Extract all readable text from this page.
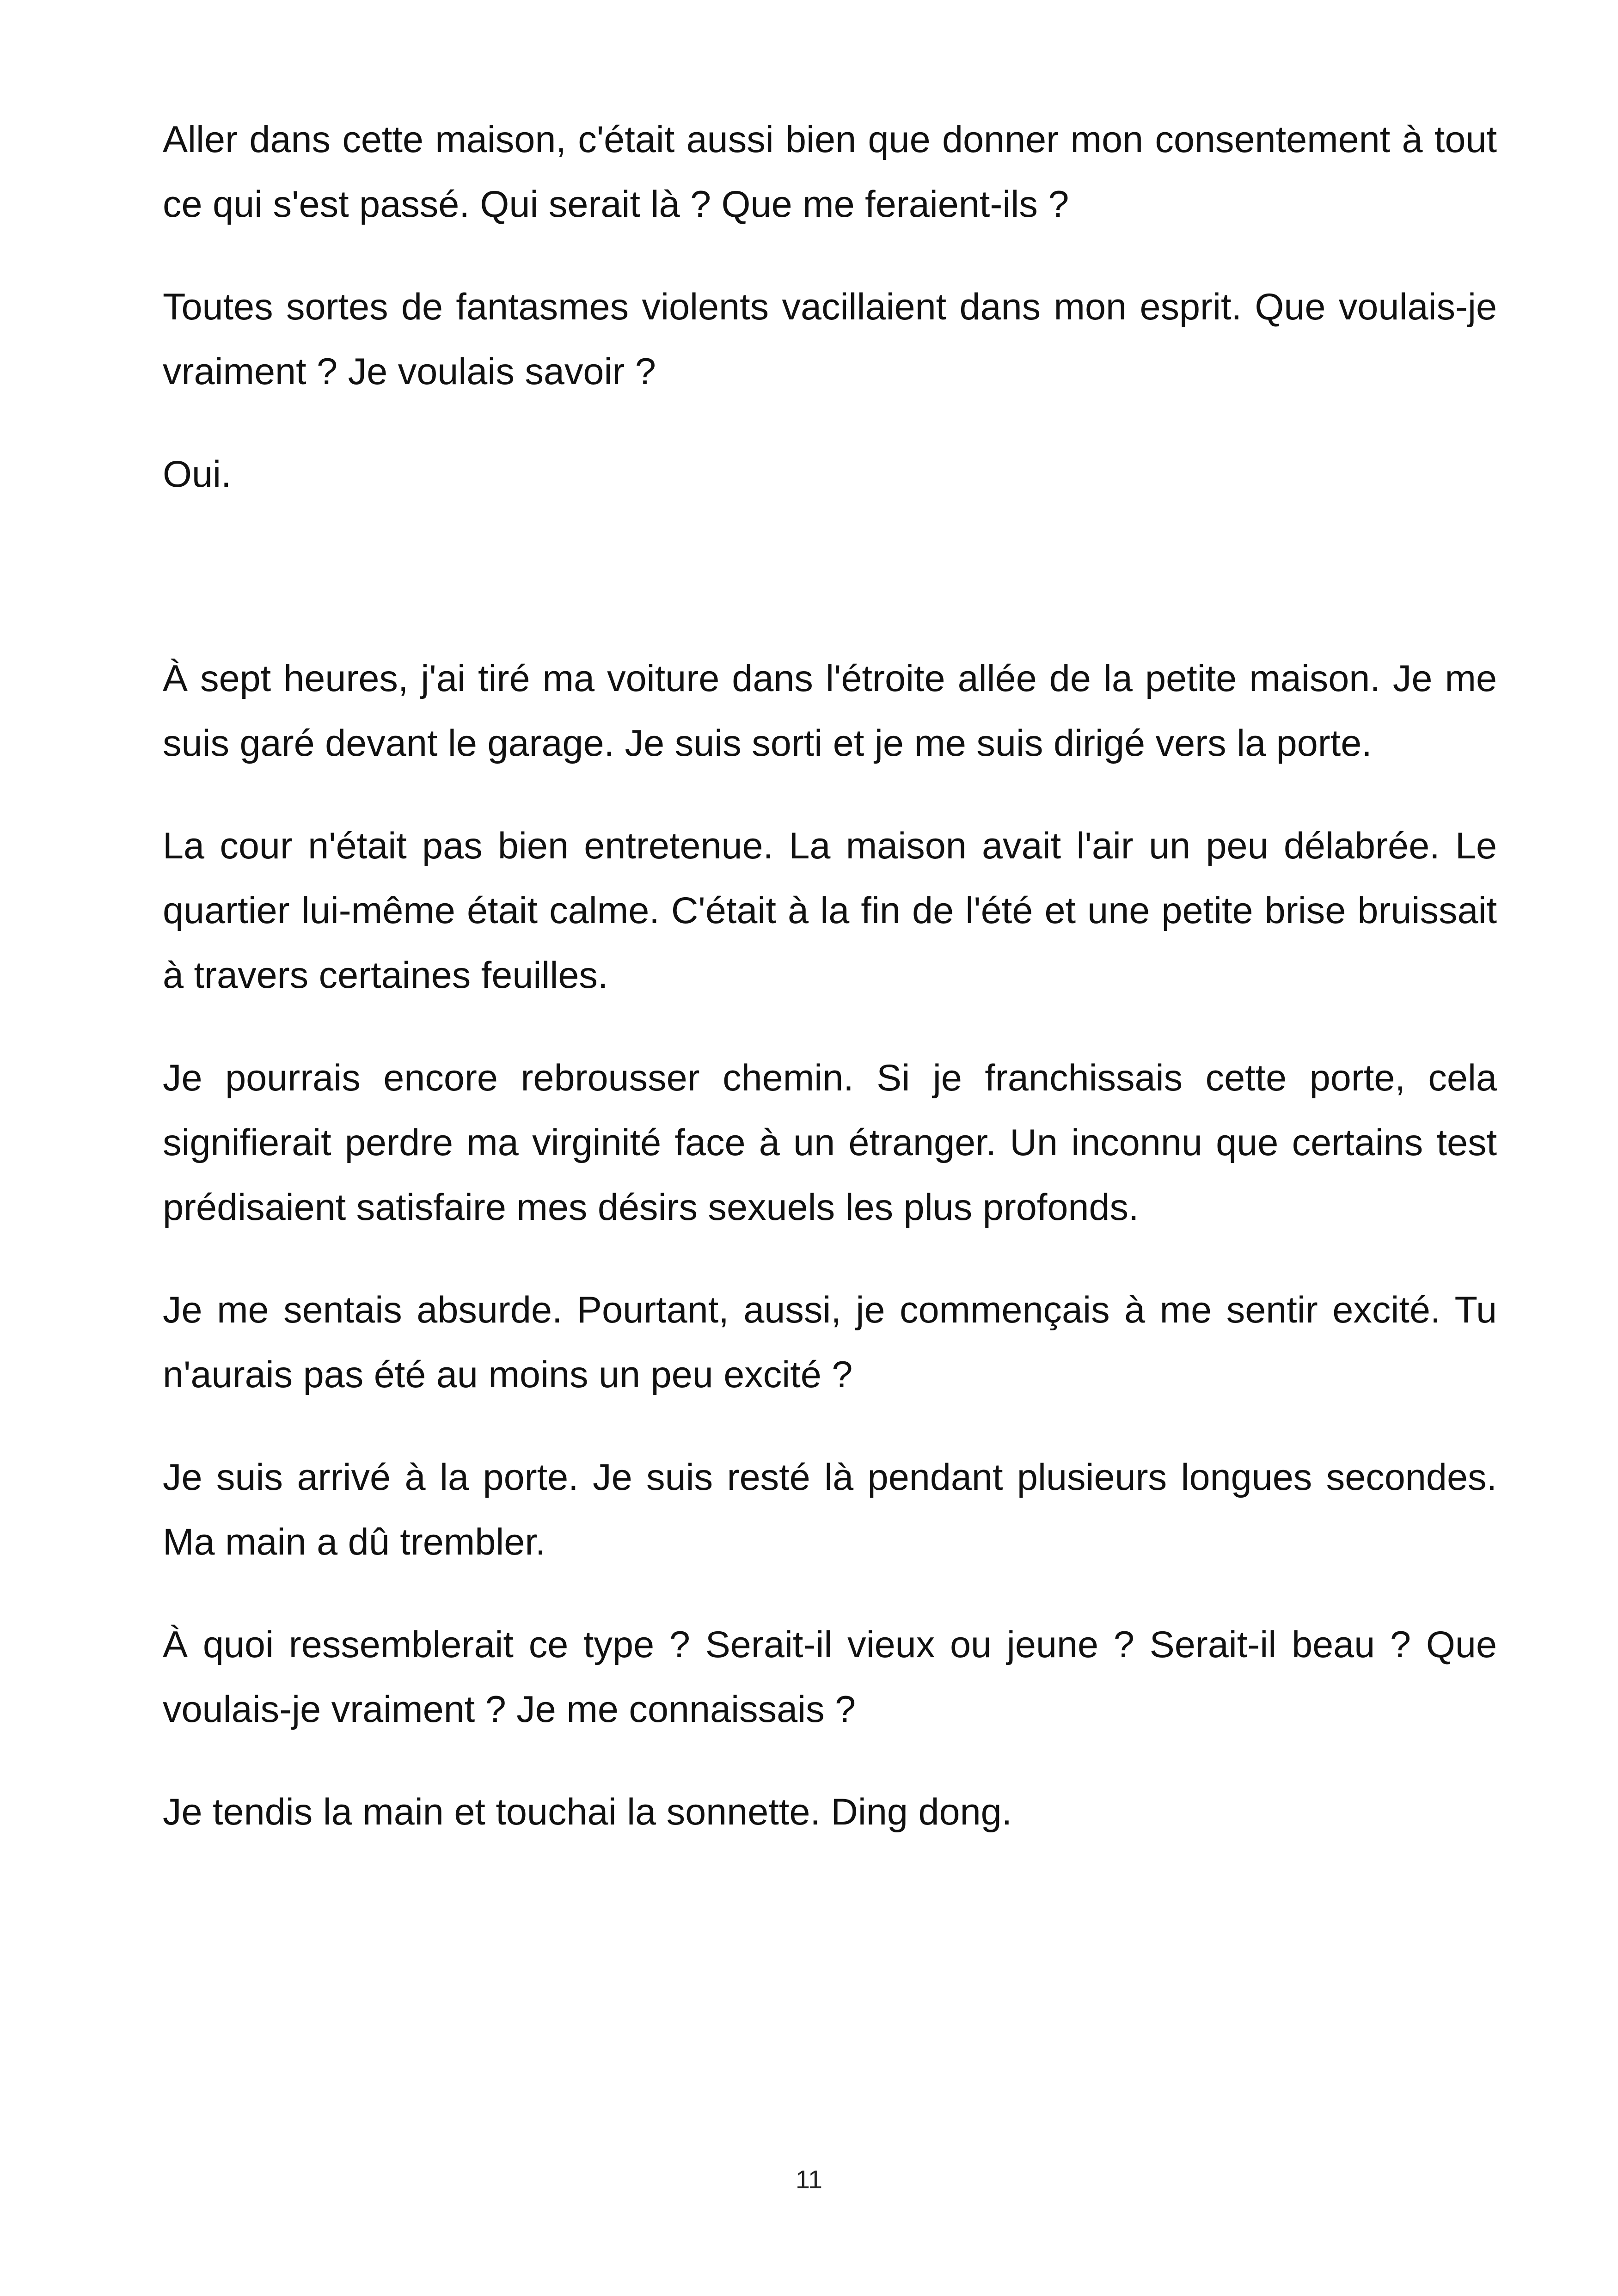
Aller dans cette maison, c'était aussi bien que donner mon consentement à tout ce qui s'est passé. Qui serait là ? Que me feraient-ils ?

Toutes sortes de fantasmes violents vacillaient dans mon esprit. Que voulais-je vraiment ? Je voulais savoir ?

Oui.

À sept heures, j'ai tiré ma voiture dans l'étroite allée de la petite maison. Je me suis garé devant le garage. Je suis sorti et je me suis dirigé vers la porte.

La cour n'était pas bien entretenue. La maison avait l'air un peu délabrée. Le quartier lui-même était calme. C'était à la fin de l'été et une petite brise bruissait à travers certaines feuilles.

Je pourrais encore rebrousser chemin. Si je franchissais cette porte, cela signifierait perdre ma virginité face à un étranger. Un inconnu que certains test prédisaient satisfaire mes désirs sexuels les plus profonds.

Je me sentais absurde. Pourtant, aussi, je commençais à me sentir excité. Tu n'aurais pas été au moins un peu excité ?

Je suis arrivé à la porte. Je suis resté là pendant plusieurs longues secondes. Ma main a dû trembler.

À quoi ressemblerait ce type ? Serait-il vieux ou jeune ? Serait-il beau ? Que voulais-je vraiment ? Je me connaissais ?

Je tendis la main et touchai la sonnette. Ding dong.

11
